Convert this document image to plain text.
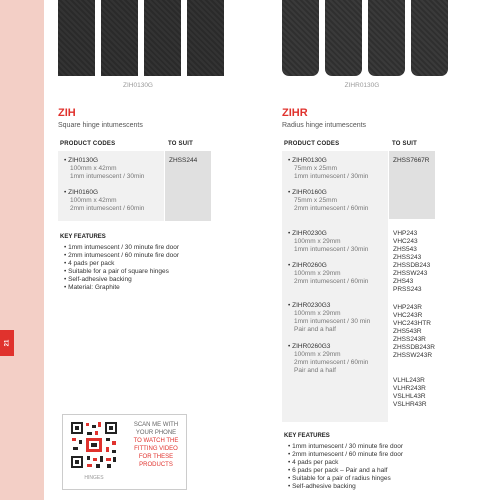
21
ZIH0130G
ZIH
Square hinge intumescents
PRODUCT CODES	TO SUIT
• ZIH0130G
100mm x 42mm
1mm intumescent / 30min
• ZIH0160G
100mm x 42mm
2mm intumescent / 60min
ZHSS244
KEY FEATURES
• 1mm intumescent / 30 minute fire door
• 2mm intumescent / 60 minute fire door
• 4 pads per pack
• Suitable for a pair of square hinges
• Self-adhesive backing
• Material: Graphite
HINGES
SCAN ME WITH
YOUR PHONE
TO WATCH THE
FITTING VIDEO
FOR THESE
PRODUCTS
ZIHR0130G
ZIHR
Radius hinge intumescents
PRODUCT CODES	TO SUIT
• ZIHR0130G
75mm x 25mm
1mm intumescent / 30min
• ZIHR0160G
75mm x 25mm
2mm intumescent / 60min
• ZIHR0230G
100mm x 29mm
1mm intumescent / 30min
• ZIHR0260G
100mm x 29mm
2mm intumescent / 60min
• ZIHR0230G3
100mm x 29mm
1mm intumescent / 30 min
Pair and a half
• ZIHR0260G3
100mm x 29mm
2mm intumescent / 60min
Pair and a half
ZHSS7667R
VHP243
VHC243
ZHS543
ZHSS243
ZHSSDB243
ZHSSW243
ZHS43
PRSS243
VHP243R
VHC243R
VHC243HTR
ZHS543R
ZHSS243R
ZHSSDB243R
ZHSSW243R
VLHL243R
VLHR243R
VSLHL43R
VSLHR43R
KEY FEATURES
• 1mm intumescent / 30 minute fire door
• 2mm intumescent / 60 minute fire door
• 4 pads per pack
• 6 pads per pack – Pair and a half
• Suitable for a pair of radius hinges
• Self-adhesive backing
